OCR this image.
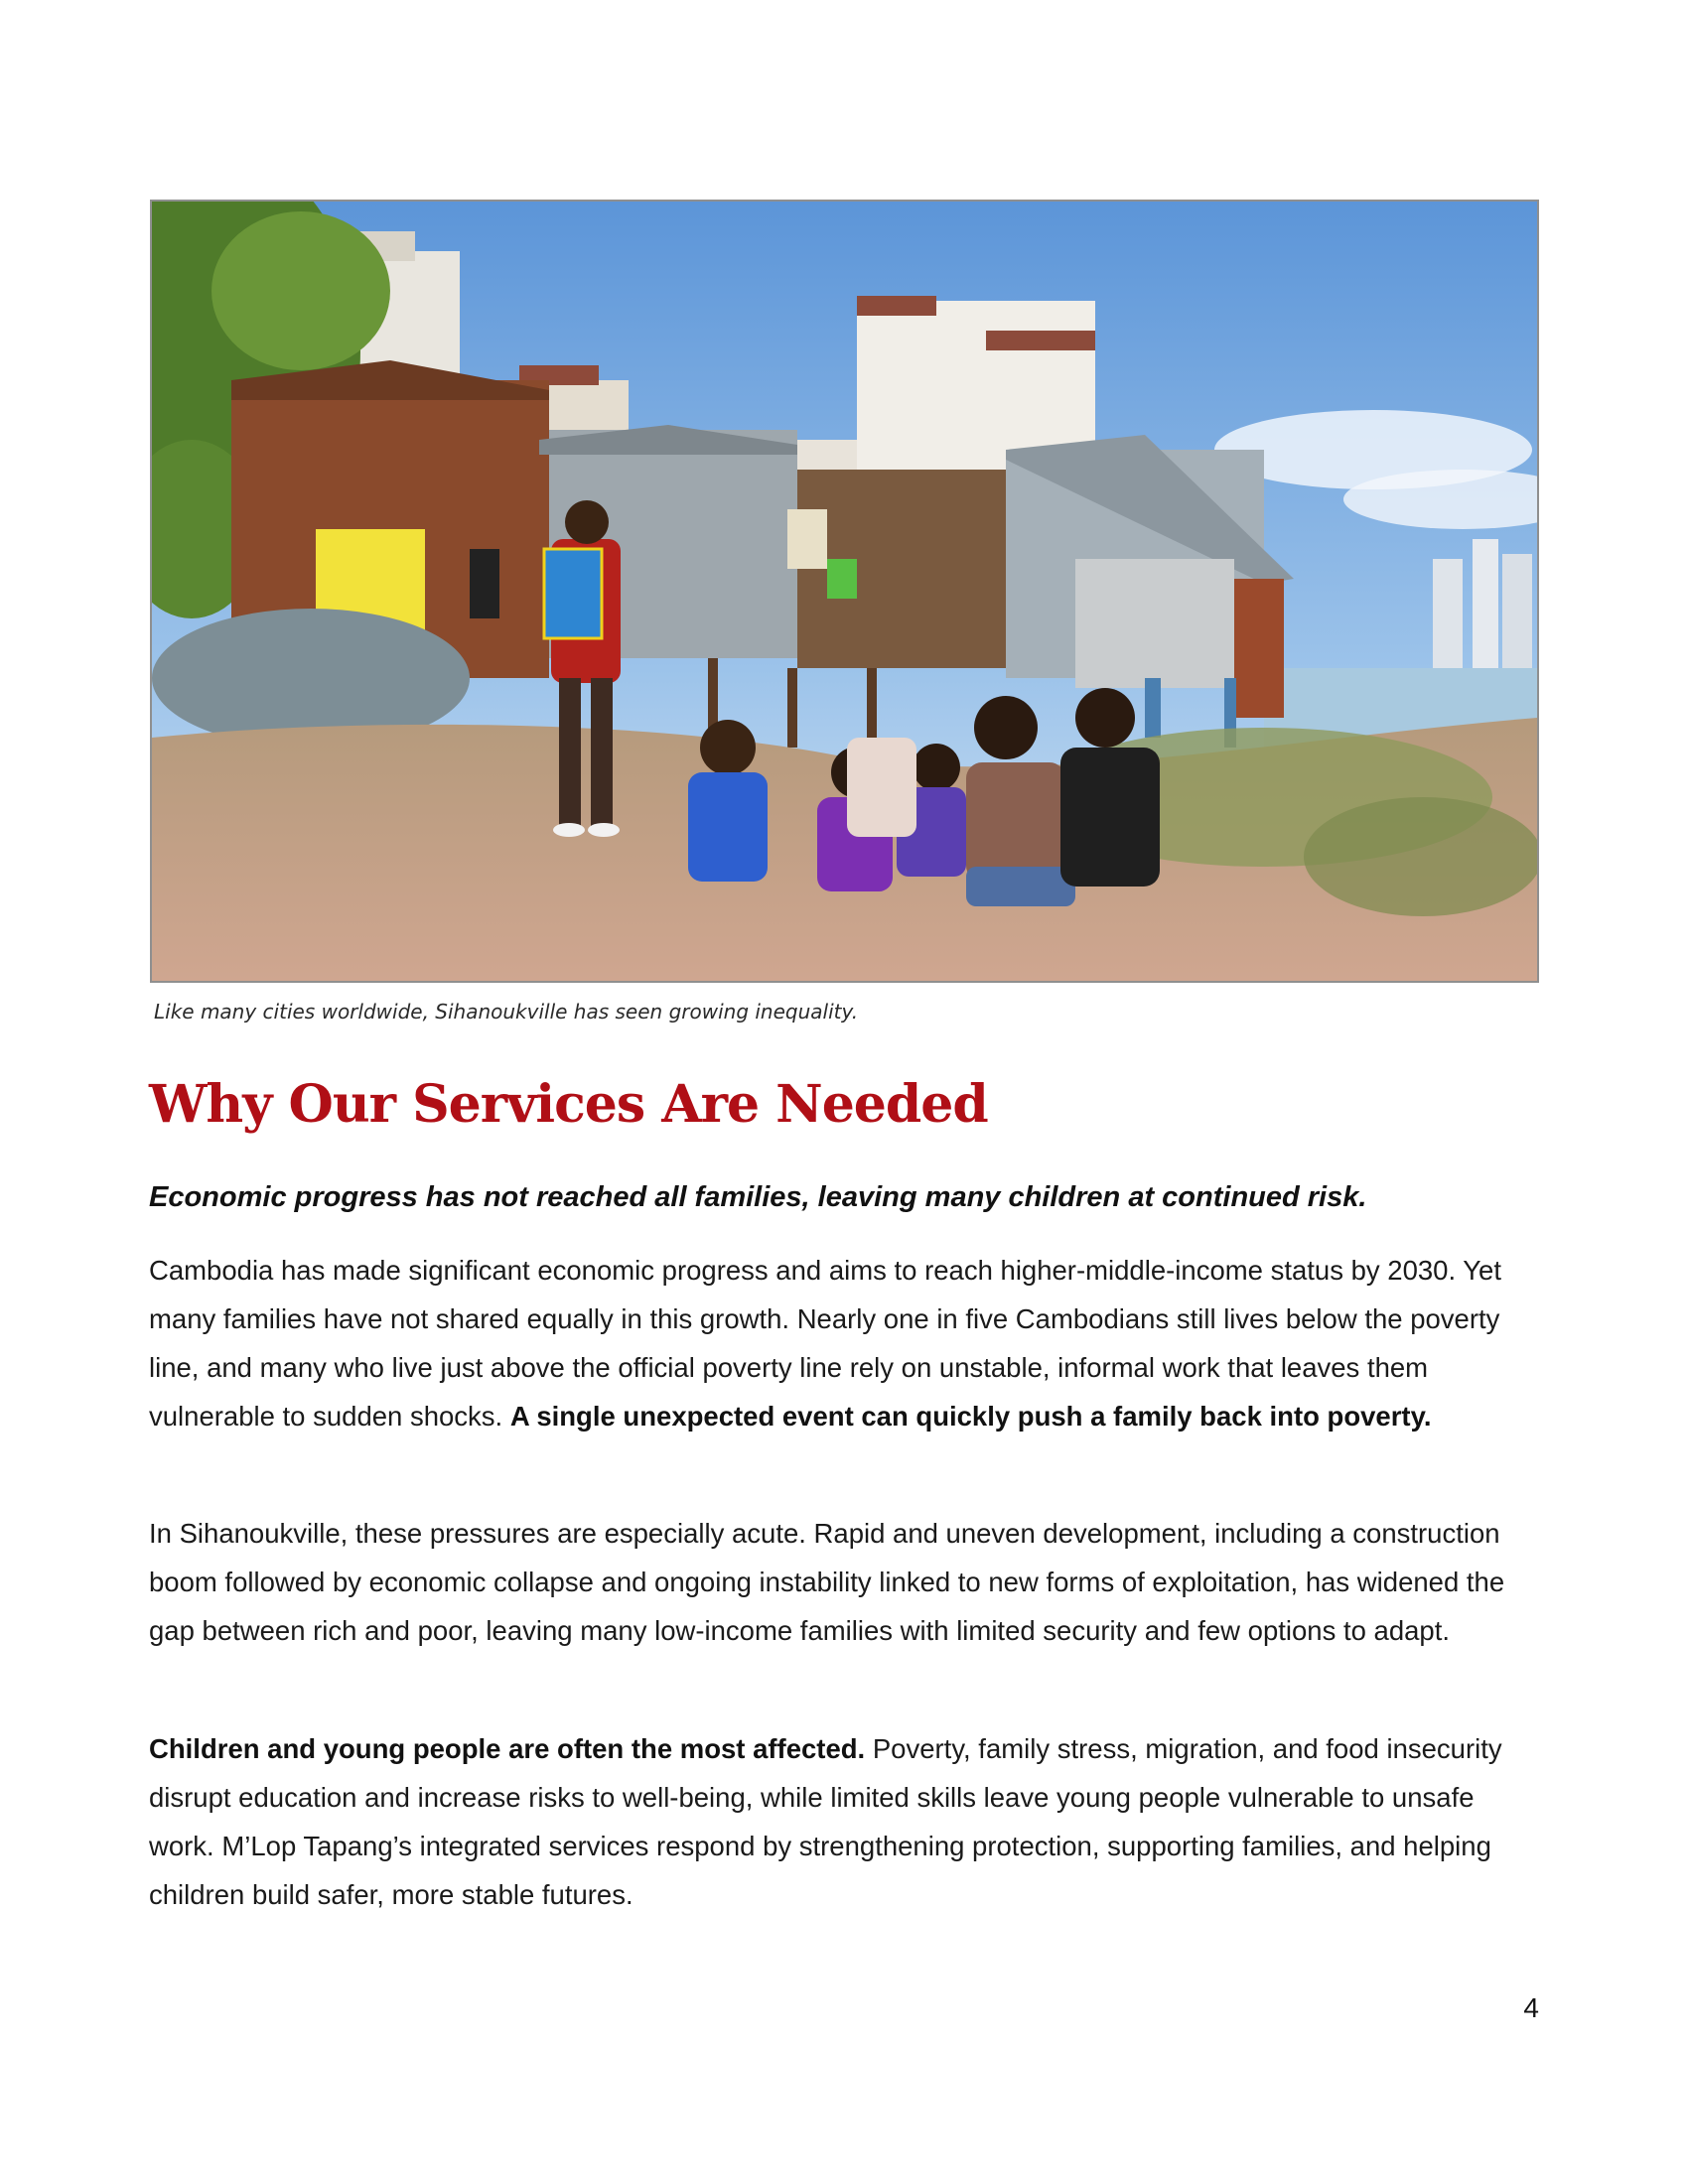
Like many cities worldwide, Sihanoukville has seen growing inequality.
Why Our Services Are Needed

Economic progress has not reached all families, leaving many children at continued risk.

Cambodia has made significant economic progress and aims to reach higher-middle-income status by 2030. Yet many families have not shared equally in this growth. Nearly one in five Cambodians still lives below the poverty line, and many who live just above the official poverty line rely on unstable, informal work that leaves them vulnerable to sudden shocks. A single unexpected event can quickly push a family back into poverty.

In Sihanoukville, these pressures are especially acute. Rapid and uneven development, including a construction boom followed by economic collapse and ongoing instability linked to new forms of exploitation, has widened the gap between rich and poor, leaving many low-income families with limited security and few options to adapt.

Children and young people are often the most affected. Poverty, family stress, migration, and food insecurity disrupt education and increase risks to well-being, while limited skills leave young people vulnerable to unsafe work. M’Lop Tapang’s integrated services respond by strengthening protection, supporting families, and helping children build safer, more stable futures.

4
